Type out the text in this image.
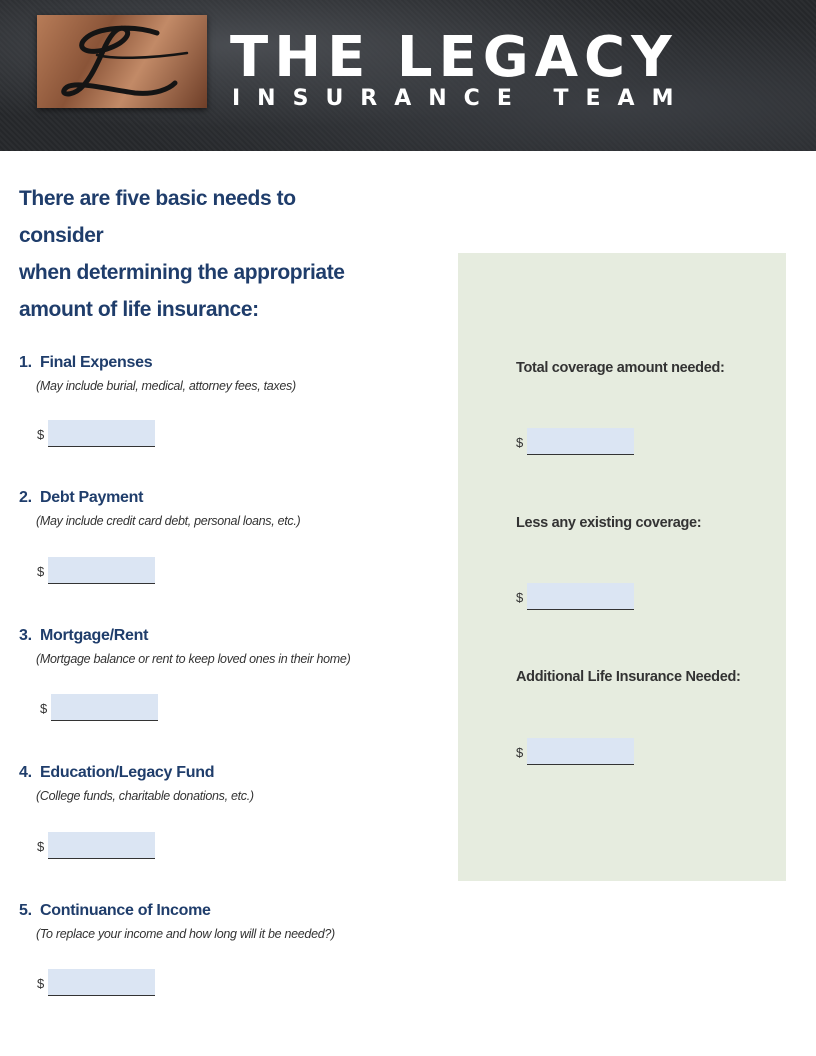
THE LEGACY
INSURANCE TEAM
There are five basic needs to consider
when determining the appropriate
amount of life insurance:
1. Final Expenses
(May include burial, medical, attorney fees, taxes)
$
2. Debt Payment
(May include credit card debt, personal loans, etc.)
$
3. Mortgage/Rent
(Mortgage balance or rent to keep loved ones in their home)
$
4. Education/Legacy Fund
(College funds, charitable donations, etc.)
$
5. Continuance of Income
(To replace your income and how long will it be needed?)
$
Total coverage amount needed:
$
Less any existing coverage:
$
Additional Life Insurance Needed:
$
